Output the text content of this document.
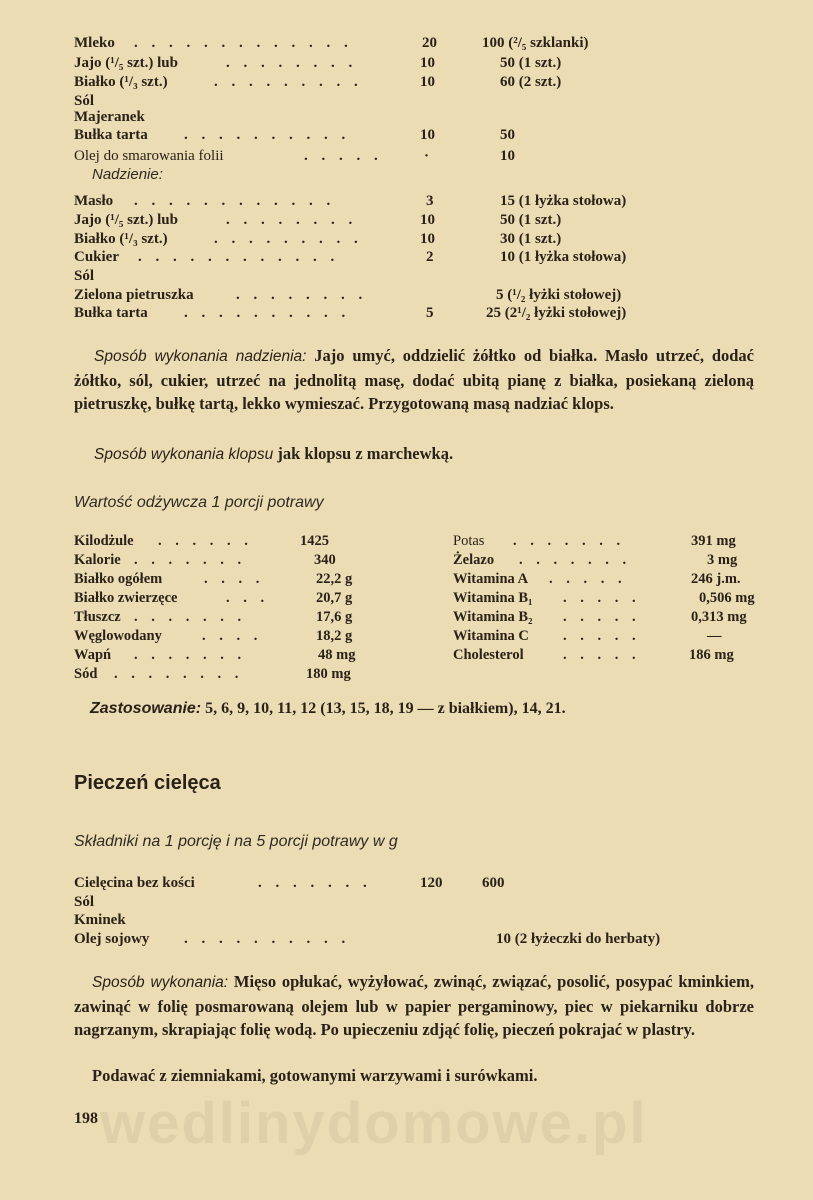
Mleko . . . . . . . . . . . . .	20	100 (²/₅ szklanki)
Jajo (¹/₅ szt.) lub	. . . . . . . .	10	50 (1 szt.)
Białko (¹/₃ szt.)	. . . . . . . . .	10	60 (2 szt.)
Sól
Majeranek
Bułka tarta . . . . . . . . . .	10	50
Olej do smarowania folii	. . . . .	·	10
Nadzienie:
Masło . . . . . . . . . . . .	3	15 (1 łyżka stołowa)
Jajo (¹/₅ szt.) lub	. . . . . . . .	10	50 (1 szt.)
Białko (¹/₃ szt.)	. . . . . . . . .	10	30 (1 szt.)
Cukier . . . . . . . . . . . .	2	10 (1 łyżka stołowa)
Sól
Zielona pietruszka	. . . . . . . .	5 (¹/₂ łyżki stołowej)
Bułka tarta . . . . . . . . . .	5	25 (2¹/₂ łyżki stołowej)
Sposób wykonania nadzienia: Jajo umyć, oddzielić żółtko od białka. Masło utrzeć, dodać żółtko, sól, cukier, utrzeć na jednolitą masę, dodać ubitą pianę z białka, posiekaną zieloną pietruszkę, bułkę tartą, lekko wymieszać. Przygotowaną masą nadziać klops.
Sposób wykonania klopsu jak klopsu z marchewką.
Wartość odżywcza 1 porcji potrawy
Kilodżule . . . . . .	1425
Kalorie . . . . . . .	340
Białko ogółem	. . . .	22,2 g
Białko zwierzęce	. . .	20,7 g
Tłuszcz . . . . . . .	17,6 g
Węglowodany	. . . .	18,2 g
Wapń . . . . . . .	48 mg
Sód . . . . . . . .	180 mg
Potas . . . . . . .	391 mg
Żelazo . . . . . . .	3 mg
Witamina A . . . . .	246 j.m.
Witamina B₁ . . . . .	0,506 mg
Witamina B₂ . . . . .	0,313 mg
Witamina C . . . . .	—
Cholesterol	. . . . .	186 mg
Zastosowanie: 5, 6, 9, 10, 11, 12 (13, 15, 18, 19 — z białkiem), 14, 21.
Pieczeń cielęca
Składniki na 1 porcję i na 5 porcji potrawy w g
Cielęcina bez kości	. . . . . . .	120	600
Sól
Kminek
Olej sojowy . . . . . . . . . .	10 (2 łyżeczki do herbaty)
Sposób wykonania: Mięso opłukać, wyżyłować, zwinąć, związać, posolić, posypać kminkiem, zawinąć w folię posmarowaną olejem lub w papier pergaminowy, piec w piekarniku dobrze nagrzanym, skrapiając folię wodą. Po upieczeniu zdjąć folię, pieczeń pokrajać w plastry.
Podawać z ziemniakami, gotowanymi warzywami i surówkami.
wedlinydomowe.pl
198
